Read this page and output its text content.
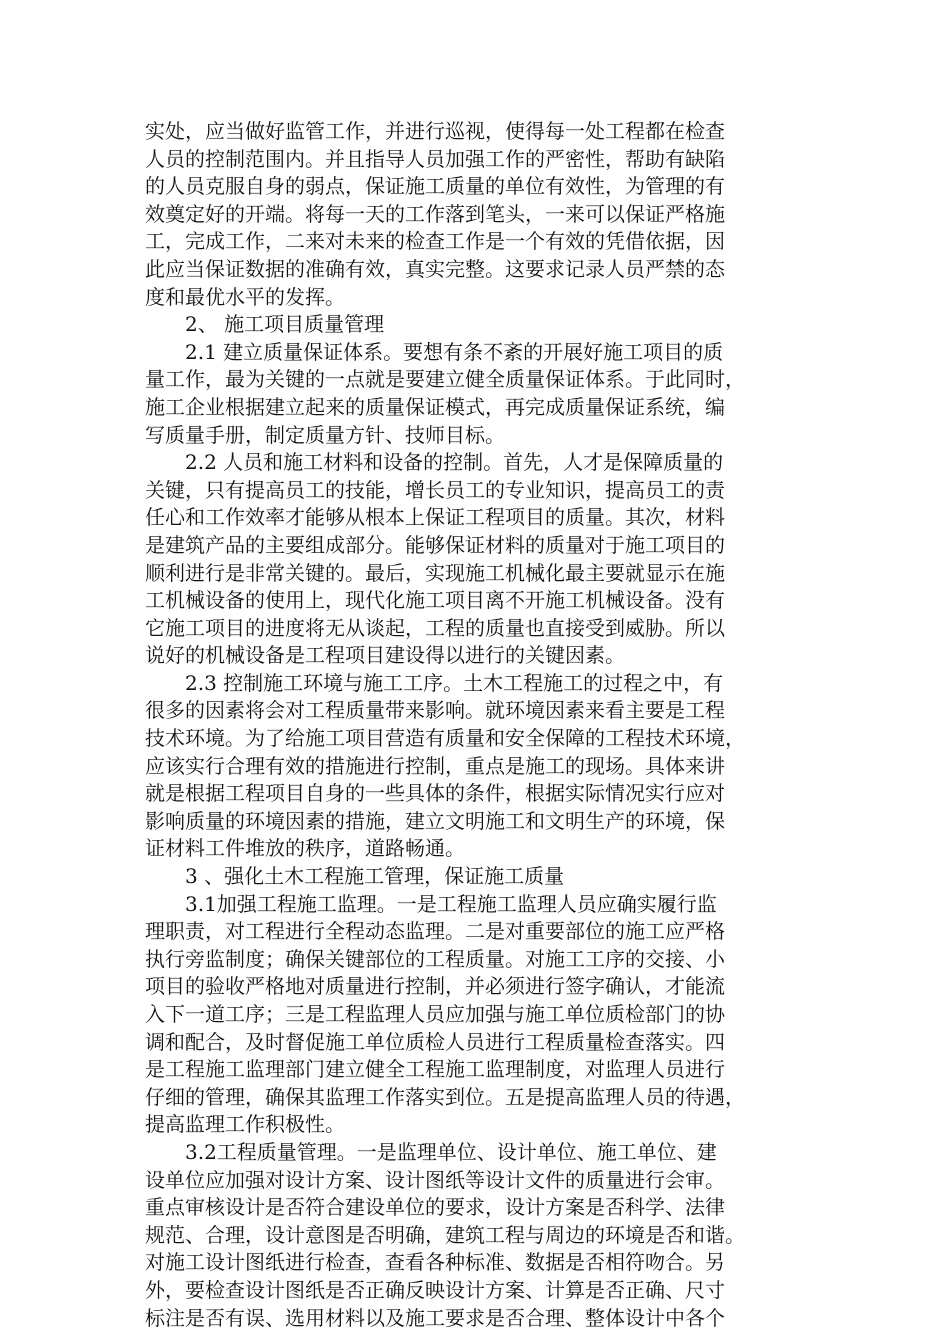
实处，应当做好监管工作，并进行巡视，使得每一处工程都在检查
人员的控制范围内。并且指导人员加强工作的严密性，帮助有缺陷
的人员克服自身的弱点，保证施工质量的单位有效性，为管理的有
效奠定好的开端。将每一天的工作落到笔头，一来可以保证严格施
工，完成工作，二来对未来的检查工作是一个有效的凭借依据，因
此应当保证数据的准确有效，真实完整。这要求记录人员严禁的态
度和最优水平的发挥。
2、 施工项目质量管理
2.1 建立质量保证体系。要想有条不紊的开展好施工项目的质
量工作，最为关键的一点就是要建立健全质量保证体系。于此同时，
施工企业根据建立起来的质量保证模式，再完成质量保证系统，编
写质量手册，制定质量方针、技师目标。
2.2 人员和施工材料和设备的控制。首先，人才是保障质量的
关键，只有提高员工的技能，增长员工的专业知识，提高员工的责
任心和工作效率才能够从根本上保证工程项目的质量。其次，材料
是建筑产品的主要组成部分。能够保证材料的质量对于施工项目的
顺利进行是非常关键的。最后，实现施工机械化最主要就显示在施
工机械设备的使用上，现代化施工项目离不开施工机械设备。没有
它施工项目的进度将无从谈起，工程的质量也直接受到威胁。所以
说好的机械设备是工程项目建设得以进行的关键因素。
2.3 控制施工环境与施工工序。土木工程施工的过程之中，有
很多的因素将会对工程质量带来影响。就环境因素来看主要是工程
技术环境。为了给施工项目营造有质量和安全保障的工程技术环境，
应该实行合理有效的措施进行控制，重点是施工的现场。具体来讲
就是根据工程项目自身的一些具体的条件，根据实际情况实行应对
影响质量的环境因素的措施，建立文明施工和文明生产的环境，保
证材料工件堆放的秩序，道路畅通。
3 、强化土木工程施工管理，保证施工质量
3.1加强工程施工监理。一是工程施工监理人员应确实履行监
理职责，对工程进行全程动态监理。二是对重要部位的施工应严格
执行旁监制度；确保关键部位的工程质量。对施工工序的交接、小
项目的验收严格地对质量进行控制，并必须进行签字确认，才能流
入下一道工序；三是工程监理人员应加强与施工单位质检部门的协
调和配合，及时督促施工单位质检人员进行工程质量检查落实。四
是工程施工监理部门建立健全工程施工监理制度，对监理人员进行
仔细的管理，确保其监理工作落实到位。五是提高监理人员的待遇，
提高监理工作积极性。
3.2工程质量管理。一是监理单位、设计单位、施工单位、建
设单位应加强对设计方案、设计图纸等设计文件的质量进行会审。
重点审核设计是否符合建设单位的要求，设计方案是否科学、法律
规范、合理，设计意图是否明确，建筑工程与周边的环境是否和谐。
对施工设计图纸进行检查，查看各种标准、数据是否相符吻合。另
外，要检查设计图纸是否正确反映设计方案、计算是否正确、尺寸
标注是否有误、选用材料以及施工要求是否合理、整体设计中各个
